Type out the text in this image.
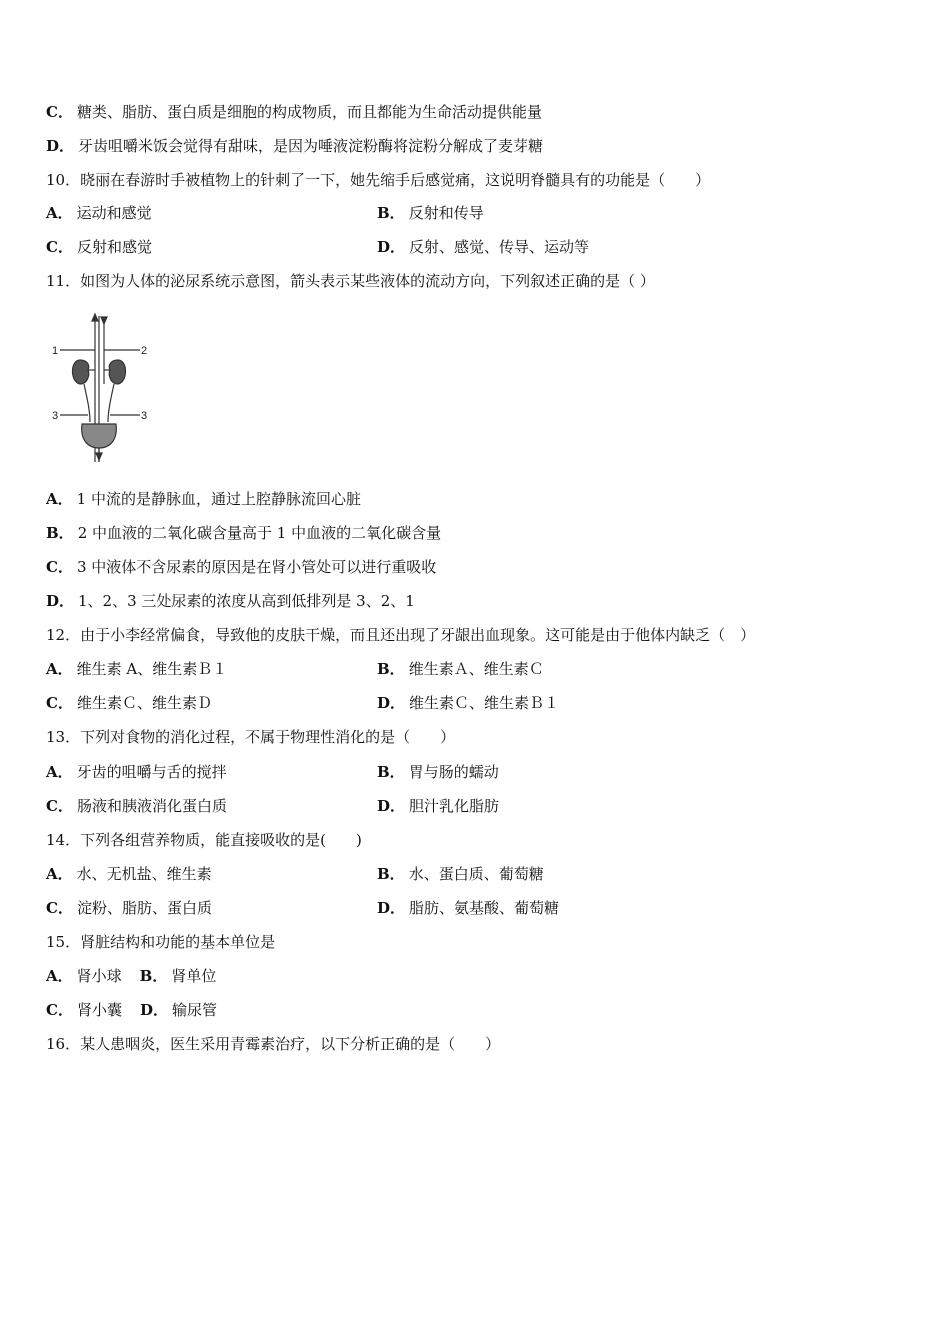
C． 糖类、脂肪、蛋白质是细胞的构成物质，而且都能为生命活动提供能量
D． 牙齿咀嚼米饭会觉得有甜味，是因为唾液淀粉酶将淀粉分解成了麦芽糖
10．晓丽在春游时手被植物上的针刺了一下，她先缩手后感觉痛，这说明脊髓具有的功能是（　　）
A． 运动和感觉	B． 反射和传导
C． 反射和感觉	D． 反射、感觉、传导、运动等
11．如图为人体的泌尿系统示意图，箭头表示某些液体的流动方向，下列叙述正确的是（ ）
1	2
3	3
A． 1 中流的是静脉血，通过上腔静脉流回心脏
B． 2 中血液的二氧化碳含量高于 1 中血液的二氧化碳含量
C． 3 中液体不含尿素的原因是在肾小管处可以进行重吸收
D． 1、2、3 三处尿素的浓度从高到低排列是 3、2、1
12．由于小李经常偏食，导致他的皮肤干燥，而且还出现了牙龈出血现象。这可能是由于他体内缺乏（　）
A． 维生素 A、维生素Ｂ１	B． 维生素Ａ、维生素Ｃ
C． 维生素Ｃ、维生素Ｄ	D． 维生素Ｃ、维生素Ｂ１
13．下列对食物的消化过程，不属于物理性消化的是（　　）
A． 牙齿的咀嚼与舌的搅拌	B． 胃与肠的蠕动
C． 肠液和胰液消化蛋白质	D． 胆汁乳化脂肪
14．下列各组营养物质，能直接吸收的是(　　)
A． 水、无机盐、维生素	B． 水、蛋白质、葡萄糖
C． 淀粉、脂肪、蛋白质	D． 脂肪、氨基酸、葡萄糖
15．肾脏结构和功能的基本单位是
A． 肾小球 B． 肾单位
C． 肾小囊 D． 输尿管
16．某人患咽炎，医生采用青霉素治疗，以下分析正确的是（　　）
